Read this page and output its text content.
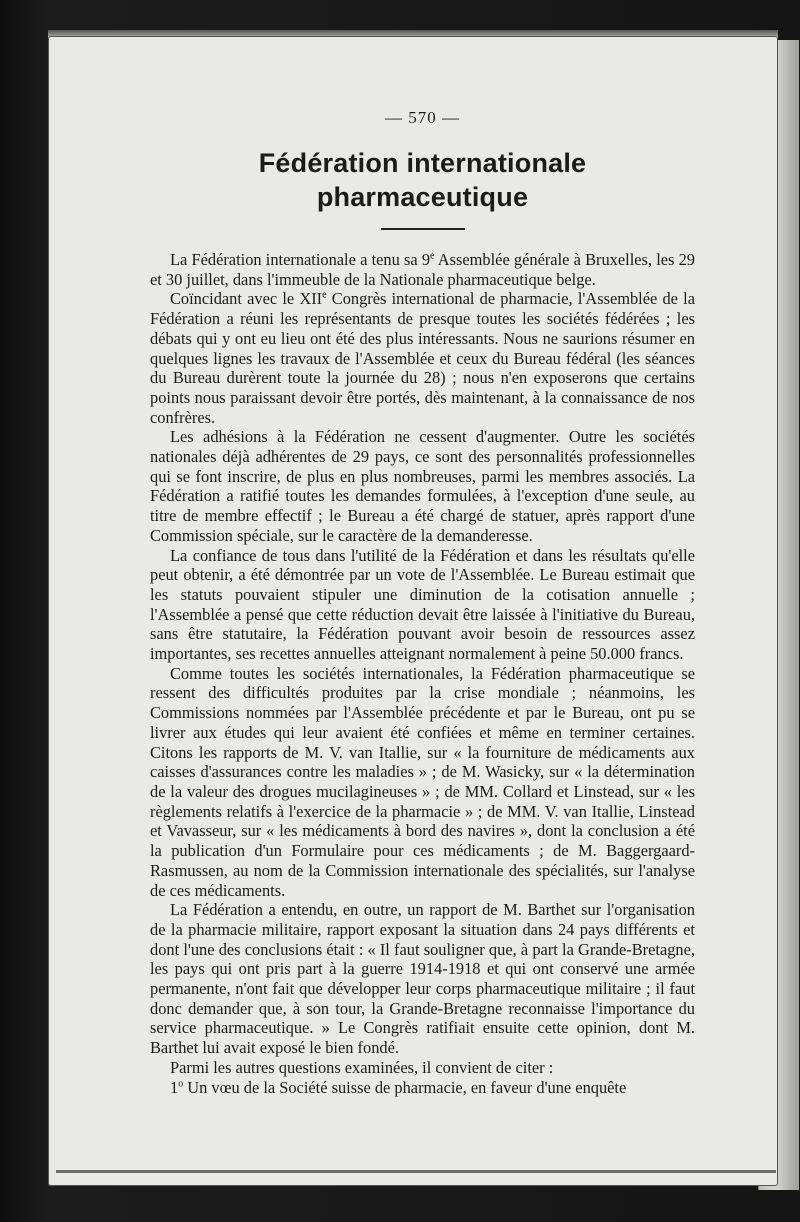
— 570 —
Fédération internationale pharmaceutique

La Fédération internationale a tenu sa 9e Assemblée générale à Bruxelles, les 29 et 30 juillet, dans l'immeuble de la Nationale pharmaceutique belge.

Coïncidant avec le XIIe Congrès international de pharmacie, l'Assemblée de la Fédération a réuni les représentants de presque toutes les sociétés fédérées ; les débats qui y ont eu lieu ont été des plus intéressants. Nous ne saurions résumer en quelques lignes les travaux de l'Assemblée et ceux du Bureau fédéral (les séances du Bureau durèrent toute la journée du 28) ; nous n'en exposerons que certains points nous paraissant devoir être portés, dès maintenant, à la connaissance de nos confrères.

Les adhésions à la Fédération ne cessent d'augmenter. Outre les sociétés nationales déjà adhérentes de 29 pays, ce sont des personnalités professionnelles qui se font inscrire, de plus en plus nombreuses, parmi les membres associés. La Fédération a ratifié toutes les demandes formulées, à l'exception d'une seule, au titre de membre effectif ; le Bureau a été chargé de statuer, après rapport d'une Commission spéciale, sur le caractère de la demanderesse.

La confiance de tous dans l'utilité de la Fédération et dans les résultats qu'elle peut obtenir, a été démontrée par un vote de l'Assemblée. Le Bureau estimait que les statuts pouvaient stipuler une diminution de la cotisation annuelle ; l'Assemblée a pensé que cette réduction devait être laissée à l'initiative du Bureau, sans être statutaire, la Fédération pouvant avoir besoin de ressources assez importantes, ses recettes annuelles atteignant normalement à peine 50.000 francs.

Comme toutes les sociétés internationales, la Fédération pharmaceutique se ressent des difficultés produites par la crise mondiale ; néanmoins, les Commissions nommées par l'Assemblée précédente et par le Bureau, ont pu se livrer aux études qui leur avaient été confiées et même en terminer certaines. Citons les rapports de M. V. van Itallie, sur « la fourniture de médicaments aux caisses d'assurances contre les maladies » ; de M. Wasicky, sur « la détermination de la valeur des drogues mucilagineuses » ; de MM. Collard et Linstead, sur « les règlements relatifs à l'exercice de la pharmacie » ; de MM. V. van Itallie, Linstead et Vavasseur, sur « les médicaments à bord des navires », dont la conclusion a été la publication d'un Formulaire pour ces médicaments ; de M. Baggergaard-Rasmussen, au nom de la Commission internationale des spécialités, sur l'analyse de ces médicaments.

La Fédération a entendu, en outre, un rapport de M. Barthet sur l'organisation de la pharmacie militaire, rapport exposant la situation dans 24 pays différents et dont l'une des conclusions était : « Il faut souligner que, à part la Grande-Bretagne, les pays qui ont pris part à la guerre 1914-1918 et qui ont conservé une armée permanente, n'ont fait que développer leur corps pharmaceutique militaire ; il faut donc demander que, à son tour, la Grande-Bretagne reconnaisse l'importance du service pharmaceutique. » Le Congrès ratifiait ensuite cette opinion, dont M. Barthet lui avait exposé le bien fondé.

Parmi les autres questions examinées, il convient de citer :

1$^o$ Un vœu de la Société suisse de pharmacie, en faveur d'une enquête
